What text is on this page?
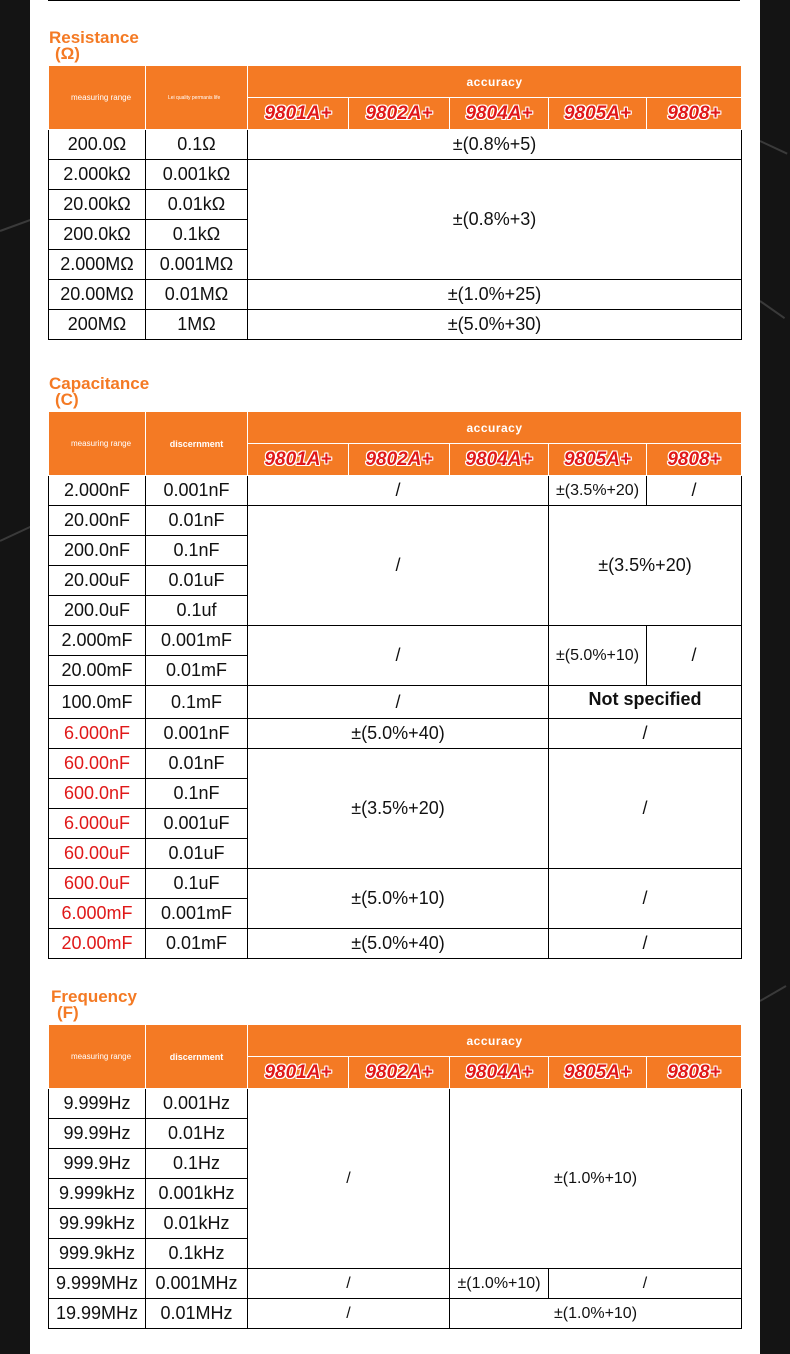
Resistance
(Ω)
measuring range	Lei quality permanis life	accuracy				
		9801A+	9802A+	9804A+	9805A+	9808+
200.0Ω	0.1Ω	±(0.8%+5)				
2.000kΩ	0.001kΩ	±(0.8%+3)				
20.00kΩ	0.01kΩ					
200.0kΩ	0.1kΩ					
2.000MΩ	0.001MΩ					
20.00MΩ	0.01MΩ	±(1.0%+25)				
200MΩ	1MΩ	±(5.0%+30)				
Capacitance
(C)
measuring range	discernment	accuracy				
		9801A+	9802A+	9804A+	9805A+	9808+
2.000nF	0.001nF	/			±(3.5%+20)	/
20.00nF	0.01nF	/			±(3.5%+20)	
200.0nF	0.1nF					
20.00uF	0.01uF					
200.0uF	0.1uf					
2.000mF	0.001mF	/			±(5.0%+10)	/
20.00mF	0.01mF					
100.0mF	0.1mF	/			Not specified	
6.000nF	0.001nF	±(5.0%+40)			/	
60.00nF	0.01nF	±(3.5%+20)			/	
600.0nF	0.1nF					
6.000uF	0.001uF					
60.00uF	0.01uF					
600.0uF	0.1uF	±(5.0%+10)			/	
6.000mF	0.001mF					
20.00mF	0.01mF	±(5.0%+40)			/	
Frequency
(F)
measuring range	discernment	accuracy				
		9801A+	9802A+	9804A+	9805A+	9808+
9.999Hz	0.001Hz	/		±(1.0%+10)		
99.99Hz	0.01Hz					
999.9Hz	0.1Hz					
9.999kHz	0.001kHz					
99.99kHz	0.01kHz					
999.9kHz	0.1kHz					
9.999MHz	0.001MHz	/		±(1.0%+10)	/	
19.99MHz	0.01MHz	/		±(1.0%+10)		
